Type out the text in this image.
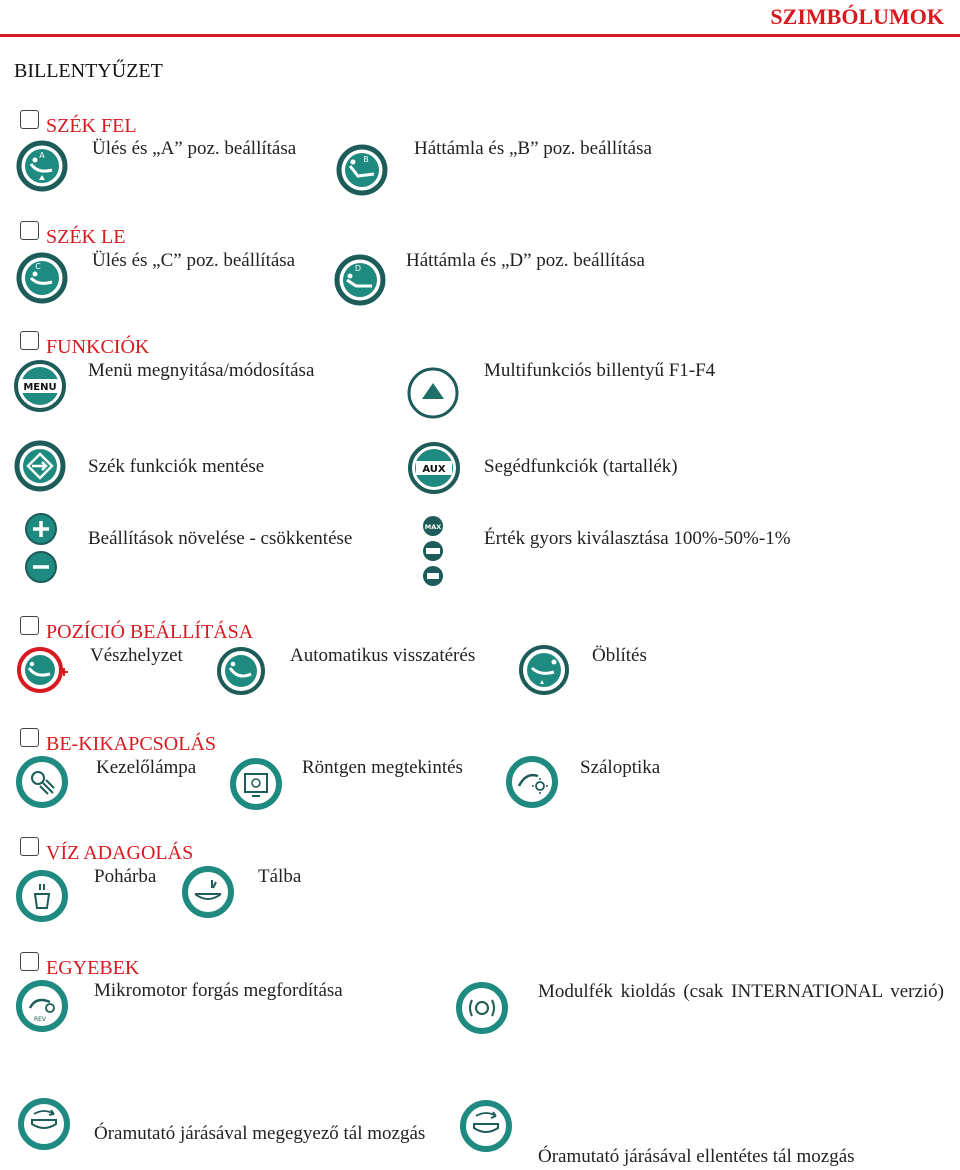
SZIMBÓLUMOK
BILLENTYŰZET
SZÉK FEL
A Ülés és „A” poz. beállítása
B
Háttámla és „B” poz. beállítása
SZÉK LE
C	Ülés és „C” poz. beállítása	D Háttámla és „D” poz. beállítása
FUNKCIÓK
MENU
Menü megnyitása/módosítása	Multifunkciós billentyű F1-F4
Szék funkciók mentése	AUX Segédfunkciók (tartallék)
Beállítások növelése - csökkentése
MAX
Érték gyors kiválasztása 100%-50%-1%
POZÍCIÓ BEÁLLÍTÁSA
Vészhelyzet	Automatikus visszatérés	Öblítés
BE-KIKAPCSOLÁS
Kezelőlámpa	Röntgen megtekintés	Száloptika
VÍZ ADAGOLÁS
Pohárba	Tálba
EGYEBEK
REV
Mikromotor forgás megfordítása	Modulfék kioldás (csak INTERNATIONAL verzió)
Óramutató járásával megegyező tál mozgás
Óramutató járásával ellentétes tál mozgás
